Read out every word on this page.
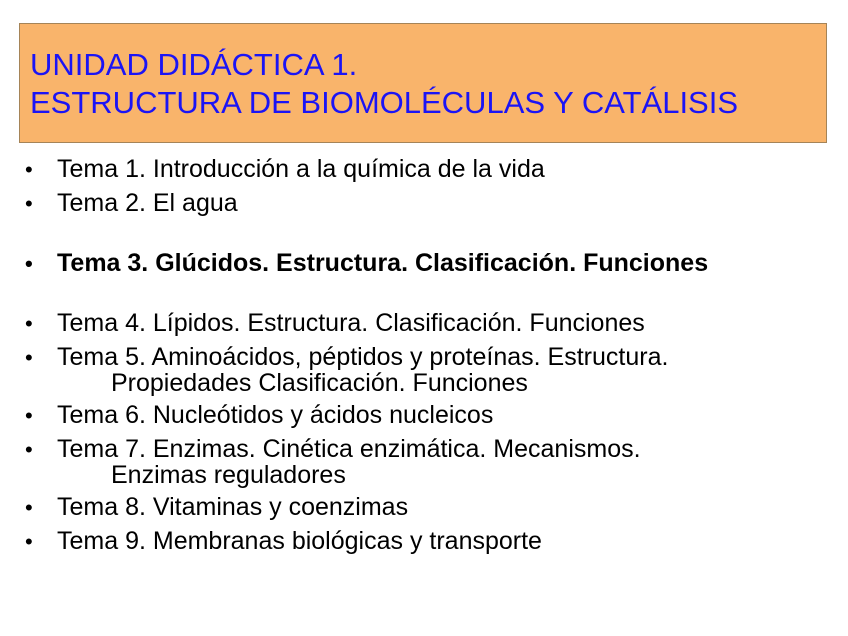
UNIDAD DIDÁCTICA 1.
ESTRUCTURA DE BIOMOLÉCULAS Y CATÁLISIS
• Tema 1. Introducción a la química de la vida
• Tema 2. El agua
• Tema 3. Glúcidos. Estructura. Clasificación. Funciones
• Tema 4. Lípidos. Estructura. Clasificación. Funciones
• Tema 5. Aminoácidos, péptidos y proteínas. Estructura.
Propiedades Clasificación. Funciones
• Tema 6. Nucleótidos y ácidos nucleicos
• Tema 7. Enzimas. Cinética enzimática. Mecanismos.
Enzimas reguladores
• Tema 8. Vitaminas y coenzimas
• Tema 9. Membranas biológicas y transporte
